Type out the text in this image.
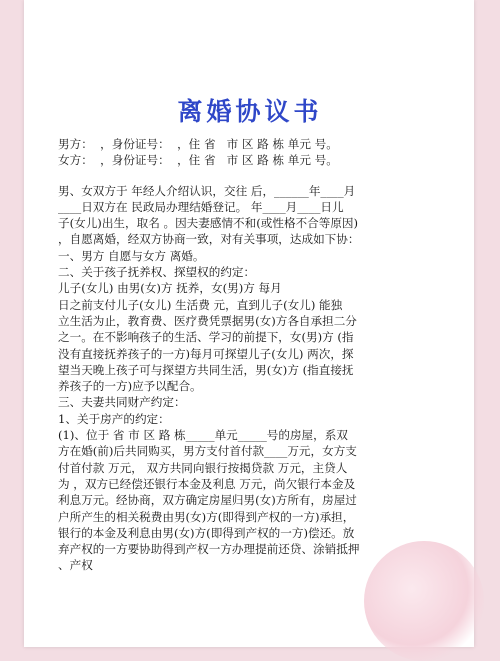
离婚协议书
男方：  ，身份证号：  ，住 省   市 区 路 栋 单元 号。
女方：  ，身份证号：  ，住 省   市 区 路 栋 单元 号。
男、女双方于 年经人介绍认识，交往 后，______年____月
____日双方在 民政局办理结婚登记。 年____月____日儿
子(女儿)出生，取名 。因夫妻感情不和(或性格不合等原因)
，自愿离婚，经双方协商一致，对有关事项，达成如下协：
一、男方 自愿与女方 离婚。
二、关于孩子抚养权、探望权的约定：
儿子(女儿) 由男(女)方 抚养，女(男)方 每月
日之前支付儿子(女儿) 生活费 元，直到儿子(女儿) 能独
立生活为止，教育费、医疗费凭票据男(女)方各自承担二分
之一。在不影响孩子的生活、学习的前提下，女(男)方 (指
没有直接抚养孩子的一方)每月可探望儿子(女儿) 两次，探
望当天晚上孩子可与探望方共同生活，男(女)方 (指直接抚
养孩子的一方)应予以配合。
三、夫妻共同财产约定：
1、关于房产的约定：
(1)、位于 省 市 区 路 栋_____单元_____号的房屋，系双
方在婚(前)后共同购买，男方支付首付款____万元，女方支
付首付款 万元， 双方共同向银行按揭贷款 万元，主贷人
为 ，双方已经偿还银行本金及利息 万元，尚欠银行本金及
利息万元。经协商，双方确定房屋归男(女)方所有，房屋过
户所产生的相关税费由男(女)方(即得到产权的一方)承担，
银行的本金及利息由男(女)方(即得到产权的一方)偿还。放
弃产权的一方要协助得到产权一方办理提前还贷、涂销抵押
、产权
